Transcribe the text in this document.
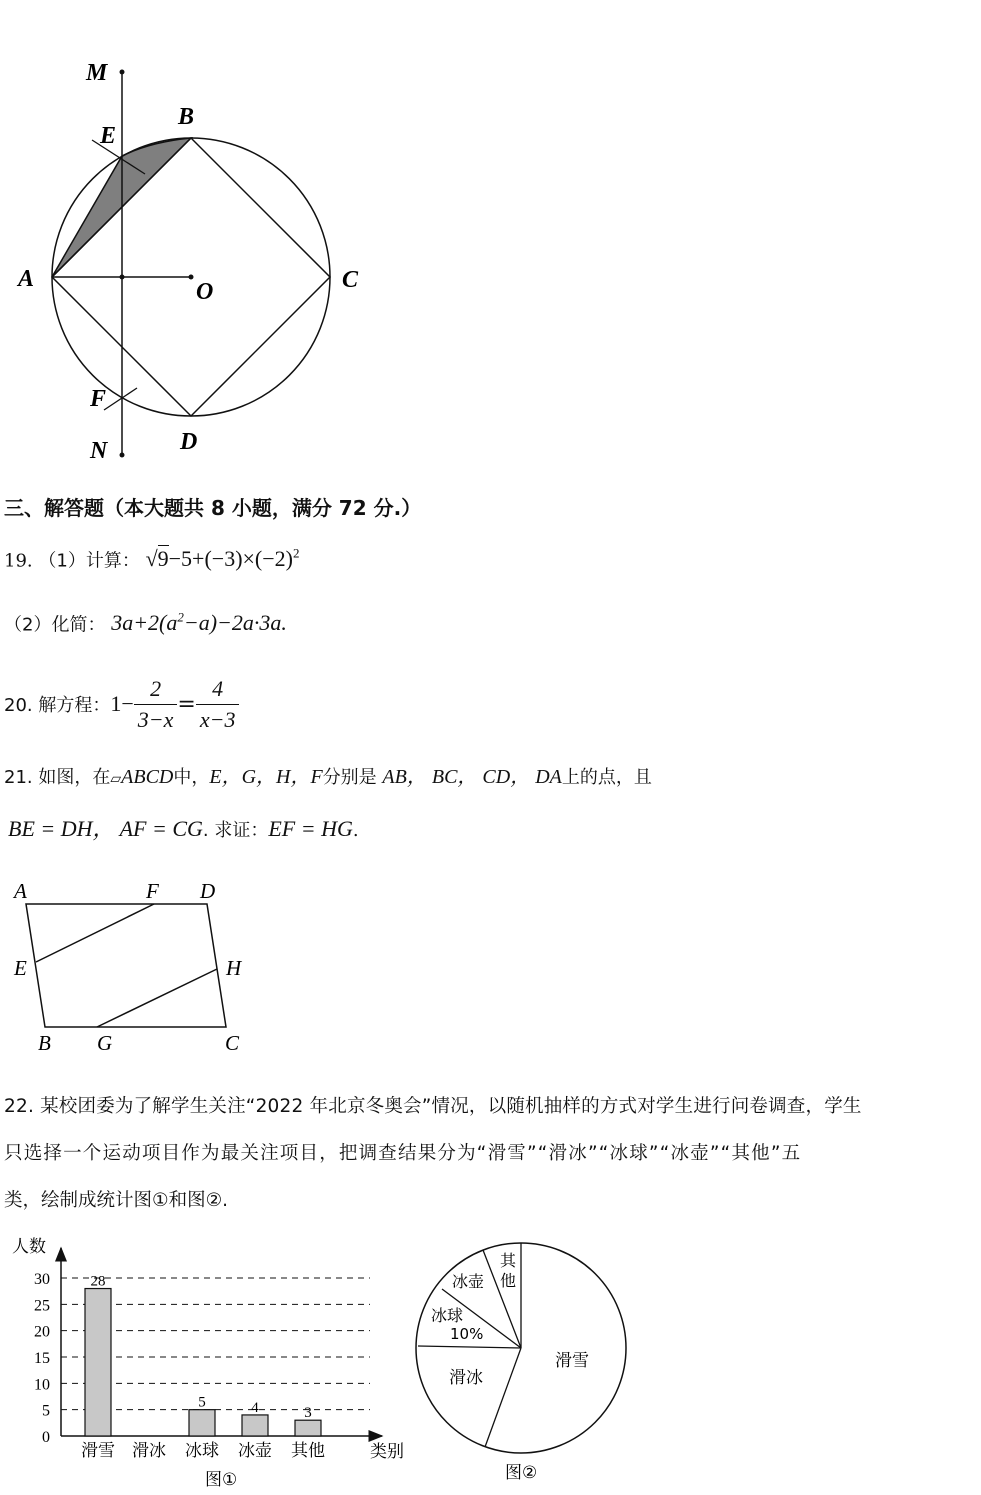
M
E
B
A	O	C
F
D
N
三、解答题（本大题共 8 小题，满分 72 分.）
19. （1）计算： $√9-5+(-3)\times(-2)^2$
（2）化简： $3a+2(a^2-a)-2a\cdot 3a$.
20. 解方程： $1- \frac{2}{3-x} = \frac{4}{x-3}$
21. 如图，在▱ABCD中，E，G，H，F分别是 AB， BC， CD， DA上的点，且
BE = DH， AF = CG. 求证：EF = HG.
A	F D
E	H
B G	C
22. 某校团委为了解学生关注“2022 年北京冬奥会”情况，以随机抽样的方式对学生进行问卷调查，学生
只选择一个运动项目作为最关注项目，把调查结果分为“滑雪”“滑冰”“冰球”“冰壶”“其他”五
类，绘制成统计图①和图②.
0
5
10
15
20
25
30	28
滑雪 滑冰
5
冰球
4
冰壶
3
其他
人数
类别
图①
滑雪
滑冰
冰球
10%
冰壶
其他
图②
